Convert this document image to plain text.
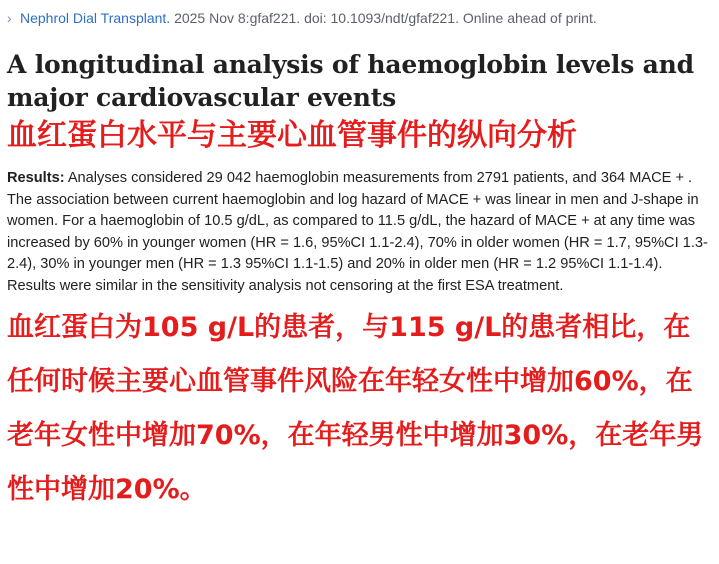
› Nephrol Dial Transplant. 2025 Nov 8:gfaf221. doi: 10.1093/ndt/gfaf221. Online ahead of print.
A longitudinal analysis of haemoglobin levels and major cardiovascular events
血红蛋白水平与主要心血管事件的纵向分析
Results: Analyses considered 29 042 haemoglobin measurements from 2791 patients, and 364 MACE + . The association between current haemoglobin and log hazard of MACE + was linear in men and J-shape in women. For a haemoglobin of 10.5 g/dL, as compared to 11.5 g/dL, the hazard of MACE + at any time was increased by 60% in younger women (HR = 1.6, 95%CI 1.1-2.4), 70% in older women (HR = 1.7, 95%CI 1.3-2.4), 30% in younger men (HR = 1.3 95%CI 1.1-1.5) and 20% in older men (HR = 1.2 95%CI 1.1-1.4). Results were similar in the sensitivity analysis not censoring at the first ESA treatment.
血红蛋白为105 g/L的患者，与115 g/L的患者相比，在任何时候主要心血管事件风险在年轻女性中增加60%，在老年女性中增加70%，在年轻男性中增加30%，在老年男性中增加20%。
